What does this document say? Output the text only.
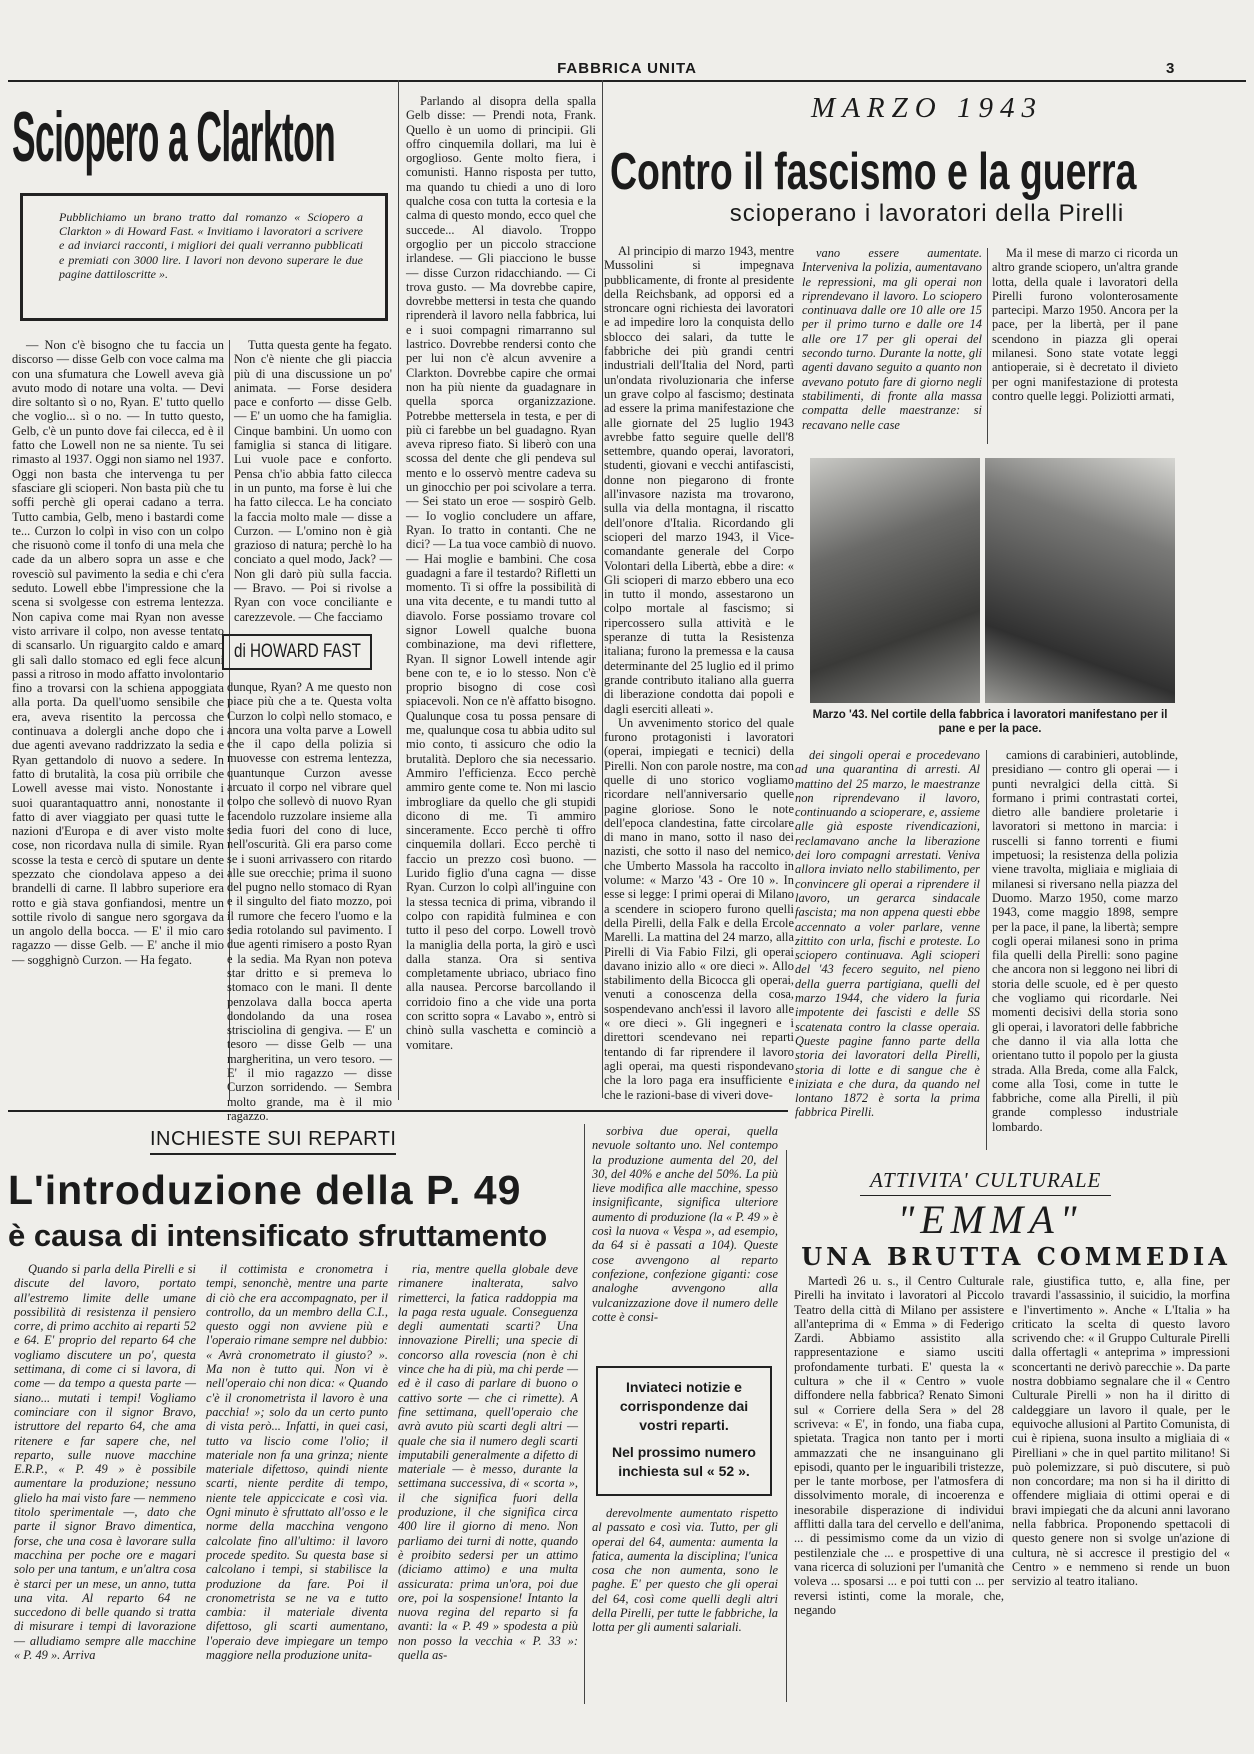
FABBRICA UNITA	3
Sciopero a Clarkton
Pubblichiamo un brano tratto dal romanzo « Sciopero a Clarkton » di Howard Fast. « Invitiamo i lavoratori a scrivere e ad inviarci racconti, i migliori dei quali verranno pubblicati e premiati con 3000 lire. I lavori non devono superare le due pagine dattiloscritte ».

— Non c'è bisogno che tu faccia un discorso — disse Gelb con voce calma ma con una sfumatura che Lowell aveva già avuto modo di notare una volta. — Devi dire soltanto sì o no, Ryan. E' tutto quello che voglio... sì o no. — In tutto questo, Gelb, c'è un punto dove fai cilecca, ed è il fatto che Lowell non ne sa niente. Tu sei rimasto al 1937. Oggi non siamo nel 1937. Oggi non basta che intervenga tu per sfasciare gli scioperi. Non basta più che tu soffi perchè gli operai cadano a terra. Tutto cambia, Gelb, meno i bastardi come te... Curzon lo colpì in viso con un colpo che risuonò come il tonfo di una mela che cade da un albero sopra un asse e che rovesciò sul pavimento la sedia e chi c'era seduto. Lowell ebbe l'impressione che la scena si svolgesse con estrema lentezza. Non capiva come mai Ryan non avesse visto arrivare il colpo, non avesse tentato di scansarlo. Un riguargito caldo e amaro gli salì dallo stomaco ed egli fece alcuni passi a ritroso in modo affatto involontario fino a trovarsi con la schiena appoggiata alla porta. Da quell'uomo sensibile che era, aveva risentito la percossa che continuava a dolergli anche dopo che i due agenti avevano raddrizzato la sedia e Ryan gettandolo di nuovo a sedere. In fatto di brutalità, la cosa più orribile che Lowell avesse mai visto. Nonostante i suoi quarantaquattro anni, nonostante il fatto di aver viaggiato per quasi tutte le nazioni d'Europa e di aver visto molte cose, non ricordava nulla di simile. Ryan scosse la testa e cercò di sputare un dente spezzato che ciondolava appeso a dei brandelli di carne. Il labbro superiore era rotto e già stava gonfiandosi, mentre un sottile rivolo di sangue nero sgorgava da un angolo della bocca. — E' il mio caro ragazzo — disse Gelb. — E' anche il mio — sogghignò Curzon. — Ha fegato.

Tutta questa gente ha fegato. Non c'è niente che gli piaccia più di una discussione un po' animata. — Forse desidera pace e conforto — disse Gelb. — E' un uomo che ha famiglia. Cinque bambini. Un uomo con famiglia si stanca di litigare. Lui vuole pace e conforto. Pensa ch'io abbia fatto cilecca in un punto, ma forse è lui che ha fatto cilecca. Le ha conciato la faccia molto male — disse a Curzon. — L'omino non è già grazioso di natura; perchè lo ha conciato a quel modo, Jack? — Non gli darò più sulla faccia. — Bravo. — Poi si rivolse a Ryan con voce conciliante e carezzevole. — Che facciamo

di HOWARD FAST

dunque, Ryan? A me questo non piace più che a te. Questa volta Curzon lo colpì nello stomaco, e ancora una volta parve a Lowell che il capo della polizia si muovesse con estrema lentezza, quantunque Curzon avesse arcuato il corpo nel vibrare quel colpo che sollevò di nuovo Ryan facendolo ruzzolare insieme alla sedia fuori del cono di luce, nell'oscurità. Gli era parso come se i suoni arrivassero con ritardo alle sue orecchie; prima il suono del pugno nello stomaco di Ryan e il singulto del fiato mozzo, poi il rumore che fecero l'uomo e la sedia rotolando sul pavimento. I due agenti rimisero a posto Ryan e la sedia. Ma Ryan non poteva star dritto e si premeva lo stomaco con le mani. Il dente penzolava dalla bocca aperta dondolando da una rosea strisciolina di gengiva. — E' un tesoro — disse Gelb — una margheritina, un vero tesoro. — E' il mio ragazzo — disse Curzon sorridendo. — Sembra molto grande, ma è il mio ragazzo.

Parlando al disopra della spalla Gelb disse: — Prendi nota, Frank. Quello è un uomo di principii. Gli offro cinquemila dollari, ma lui è orgoglioso. Gente molto fiera, i comunisti. Hanno risposta per tutto, ma quando tu chiedi a uno di loro qualche cosa con tutta la cortesia e la calma di questo mondo, ecco quel che succede... Al diavolo. Troppo orgoglio per un piccolo straccione irlandese. — Gli piacciono le busse — disse Curzon ridacchiando. — Ci trova gusto. — Ma dovrebbe capire, dovrebbe mettersi in testa che quando riprenderà il lavoro nella fabbrica, lui e i suoi compagni rimarranno sul lastrico. Dovrebbe rendersi conto che per lui non c'è alcun avvenire a Clarkton. Dovrebbe capire che ormai non ha più niente da guadagnare in quella sporca organizzazione. Potrebbe mettersela in testa, e per di più ci farebbe un bel guadagno. Ryan aveva ripreso fiato. Si liberò con una scossa del dente che gli pendeva sul mento e lo osservò mentre cadeva su un ginocchio per poi scivolare a terra. — Sei stato un eroe — sospirò Gelb. — Io voglio concludere un affare, Ryan. Io tratto in contanti. Che ne dici? — La tua voce cambiò di nuovo. — Hai moglie e bambini. Che cosa guadagni a fare il testardo? Rifletti un momento. Ti si offre la possibilità di una vita decente, e tu mandi tutto al diavolo. Forse possiamo trovare col signor Lowell qualche buona combinazione, ma devi riflettere, Ryan. Il signor Lowell intende agir bene con te, e io lo stesso. Non c'è proprio bisogno di cose così spiacevoli. Non ce n'è affatto bisogno. Qualunque cosa tu possa pensare di me, qualunque cosa tu abbia udito sul mio conto, ti assicuro che odio la brutalità. Deploro che sia necessario. Ammiro l'efficienza. Ecco perchè ammiro gente come te. Non mi lascio imbrogliare da quello che gli stupidi dicono di me. Ti ammiro sinceramente. Ecco perchè ti offro cinquemila dollari. Ecco perchè ti faccio un prezzo così buono. — Lurido figlio d'una cagna — disse Ryan. Curzon lo colpì all'inguine con la stessa tecnica di prima, vibrando il colpo con rapidità fulminea e con tutto il peso del corpo. Lowell trovò la maniglia della porta, la girò e uscì dalla stanza. Ora si sentiva completamente ubriaco, ubriaco fino alla nausea. Percorse barcollando il corridoio fino a che vide una porta con scritto sopra « Lavabo », entrò si chinò sulla vaschetta e cominciò a vomitare.

MARZO 1943
Contro il fascismo e la guerra
scioperano i lavoratori della Pirelli

Al principio di marzo 1943, mentre Mussolini si impegnava pubblicamente, di fronte al presidente della Reichsbank, ad opporsi ed a stroncare ogni richiesta dei lavoratori e ad impedire loro la conquista dello sblocco dei salari, da tutte le fabbriche dei più grandi centri industriali dell'Italia del Nord, partì un'ondata rivoluzionaria che inferse un grave colpo al fascismo; destinata ad essere la prima manifestazione che alle giornate del 25 luglio 1943 avrebbe fatto seguire quelle dell'8 settembre, quando operai, lavoratori, studenti, giovani e vecchi antifascisti, donne non piegarono di fronte all'invasore nazista ma trovarono, sulla via della montagna, il riscatto dell'onore d'Italia. Ricordando gli scioperi del marzo 1943, il Vice-comandante generale del Corpo Volontari della Libertà, ebbe a dire: « Gli scioperi di marzo ebbero una eco in tutto il mondo, assestarono un colpo mortale al fascismo; si ripercossero sulla attività e le speranze di tutta la Resistenza italiana; furono la premessa e la causa determinante del 25 luglio ed il primo grande contributo italiano alla guerra di liberazione condotta dai popoli e dagli eserciti alleati ».

Un avvenimento storico del quale furono protagonisti i lavoratori (operai, impiegati e tecnici) della Pirelli. Non con parole nostre, ma con quelle di uno storico vogliamo ricordare nell'anniversario quelle pagine gloriose. Sono le note dell'epoca clandestina, fatte circolare di mano in mano, sotto il naso dei nazisti, che sotto il naso del nemico, che Umberto Massola ha raccolto in volume: « Marzo '43 - Ore 10 ». In esse si legge: I primi operai di Milano a scendere in sciopero furono quelli della Pirelli, della Falk e della Ercole Marelli. La mattina del 24 marzo, alla Pirelli di Via Fabio Filzi, gli operai davano inizio allo « ore dieci ». Allo stabilimento della Bicocca gli operai, venuti a conoscenza della cosa, sospendevano anch'essi il lavoro alle « ore dieci ». Gli ingegneri e i direttori scendevano nei reparti tentando di far riprendere il lavoro agli operai, ma questi rispondevano che la loro paga era insufficiente e che le razioni-base di viveri dove-

vano essere aumentate. Interveniva la polizia, aumentavano le repressioni, ma gli operai non riprendevano il lavoro. Lo sciopero continuava dalle ore 10 alle ore 15 per il primo turno e dalle ore 14 alle ore 17 per gli operai del secondo turno. Durante la notte, gli agenti davano seguito a quanto non avevano potuto fare di giorno negli stabilimenti, di fronte alla massa compatta delle maestranze: si recavano nelle case

Ma il mese di marzo ci ricorda un altro grande sciopero, un'altra grande lotta, della quale i lavoratori della Pirelli furono volonterosamente partecipi. Marzo 1950. Ancora per la pace, per la libertà, per il pane scendono in piazza gli operai milanesi. Sono state votate leggi antioperaie, si è decretato il divieto per ogni manifestazione di protesta contro quelle leggi. Poliziotti armati,

Marzo '43. Nel cortile della fabbrica i lavoratori manifestano per il pane e per la pace.

dei singoli operai e procedevano ad una quarantina di arresti. Al mattino del 25 marzo, le maestranze non riprendevano il lavoro, continuando a scioperare, e, assieme alle già esposte rivendicazioni, reclamavano anche la liberazione dei loro compagni arrestati. Veniva allora inviato nello stabilimento, per convincere gli operai a riprendere il lavoro, un gerarca sindacale fascista; ma non appena questi ebbe accennato a voler parlare, venne zittito con urla, fischi e proteste. Lo sciopero continuava. Agli scioperi del '43 fecero seguito, nel pieno della guerra partigiana, quelli del marzo 1944, che videro la furia impotente dei fascisti e delle SS scatenata contro la classe operaia. Queste pagine fanno parte della storia dei lavoratori della Pirelli, storia di lotte e di sangue che è iniziata e che dura, da quando nel lontano 1872 è sorta la prima fabbrica Pirelli.

camions di carabinieri, autoblinde, presidiano — contro gli operai — i punti nevralgici della città. Si formano i primi contrastati cortei, dietro alle bandiere proletarie i lavoratori si mettono in marcia: i ruscelli si fanno torrenti e fiumi impetuosi; la resistenza della polizia viene travolta, migliaia e migliaia di milanesi si riversano nella piazza del Duomo. Marzo 1950, come marzo 1943, come maggio 1898, sempre per la pace, il pane, la libertà; sempre cogli operai milanesi sono in prima fila quelli della Pirelli: sono pagine che ancora non si leggono nei libri di storia delle scuole, ed è per questo che vogliamo qui ricordarle. Nei momenti decisivi della storia sono gli operai, i lavoratori delle fabbriche che danno il via alla lotta che orientano tutto il popolo per la giusta strada. Alla Breda, come alla Falck, come alla Tosi, come in tutte le fabbriche, come alla Pirelli, il più grande complesso industriale lombardo.

INCHIESTE SUI REPARTI
L'introduzione della P. 49
è causa di intensificato sfruttamento

Quando si parla della Pirelli e si discute del lavoro, portato all'estremo limite delle umane possibilità di resistenza il pensiero corre, di primo acchito ai reparti 52 e 64. E' proprio del reparto 64 che vogliamo discutere un po', questa settimana, di come ci si lavora, di come — da tempo a questa parte — siano... mutati i tempi! Vogliamo cominciare con il signor Bravo, istruttore del reparto 64, che ama ritenere e far sapere che, nel reparto, sulle nuove macchine E.R.P., « P. 49 » è possibile aumentare la produzione; nessuno glielo ha mai visto fare — nemmeno titolo sperimentale —, dato che parte il signor Bravo dimentica, forse, che una cosa è lavorare sulla macchina per poche ore e magari solo per una tantum, e un'altra cosa è starci per un mese, un anno, tutta una vita. Al reparto 64 ne succedono di belle quando si tratta di misurare i tempi di lavorazione — alludiamo sempre alle macchine « P. 49 ». Arriva

il cottimista e cronometra i tempi, senonchè, mentre una parte di ciò che era accompagnato, per il controllo, da un membro della C.I., questo oggi non avviene più e l'operaio rimane sempre nel dubbio: « Avrà cronometrato il giusto? ». Ma non è tutto qui. Non vi è nell'operaio chi non dica: « Quando c'è il cronometrista il lavoro è una pacchia! »; solo da un certo punto di vista però... Infatti, in quei casi, tutto va liscio come l'olio; il materiale non fa una grinza; niente materiale difettoso, quindi niente scarti, niente perdite di tempo, niente tele appiccicate e così via. Ogni minuto è sfruttato all'osso e le norme della macchina vengono calcolate fino all'ultimo: il lavoro procede spedito. Su questa base si calcolano i tempi, si stabilisce la produzione da fare. Poi il cronometrista se ne va e tutto cambia: il materiale diventa difettoso, gli scarti aumentano, l'operaio deve impiegare un tempo maggiore nella produzione unita-

ria, mentre quella globale deve rimanere inalterata, salvo rimetterci, la fatica raddoppia ma la paga resta uguale. Conseguenza degli aumentati scarti? Una innovazione Pirelli; una specie di concorso alla rovescia (non è chi vince che ha di più, ma chi perde — ed è il caso di parlare di buono o cattivo sorte — che ci rimette). A fine settimana, quell'operaio che avrà avuto più scarti degli altri — quale che sia il numero degli scarti imputabili generalmente a difetto di materiale — è messo, durante la settimana successiva, di « scorta », il che significa fuori della produzione, il che significa circa 400 lire il giorno di meno. Non parliamo dei turni di notte, quando è proibito sedersi per un attimo (diciamo attimo) e una multa assicurata: prima un'ora, poi due ore, poi la sospensione! Intanto la nuova regina del reparto si fa avanti: la « P. 49 » spodesta a più non posso la vecchia « P. 33 »: quella as-

sorbiva due operai, quella nevuole soltanto uno. Nel contempo la produzione aumenta del 20, del 30, del 40% e anche del 50%. La più lieve modifica alle macchine, spesso insignificante, significa ulteriore aumento di produzione (la « P. 49 » è così la nuova « Vespa », ad esempio, da 64 si è passati a 104). Queste cose avvengono al reparto confezione, confezione giganti: cose analoghe avvengono alla vulcanizzazione dove il numero delle cotte è consi-

Inviateci notizie e corrispondenze dai vostri reparti.
Nel prossimo numero inchiesta sul « 52 ».

derevolmente aumentato rispetto al passato e così via. Tutto, per gli operai del 64, aumenta: aumenta la fatica, aumenta la disciplina; l'unica cosa che non aumenta, sono le paghe. E' per questo che gli operai del 64, così come quelli degli altri della Pirelli, per tutte le fabbriche, la lotta per gli aumenti salariali.

ATTIVITA' CULTURALE
"EMMA"
UNA BRUTTA COMMEDIA

Martedì 26 u. s., il Centro Culturale Pirelli ha invitato i lavoratori al Piccolo Teatro della città di Milano per assistere all'anteprima di « Emma » di Federigo Zardi. Abbiamo assistito alla rappresentazione e siamo usciti profondamente turbati. E' questa la « cultura » che il « Centro » vuole diffondere nella fabbrica? Renato Simoni sul « Corriere della Sera » del 28 scriveva: « E', in fondo, una fiaba cupa, spietata. Tragica non tanto per i morti ammazzati che ne insanguinano gli episodi, quanto per le inguaribili tristezze, per le tante morbose, per l'atmosfera di dissolvimento morale, di incoerenza e inesorabile disperazione di individui afflitti dalla tara del cervello e dell'anima, ... di pessimismo come da un vizio di pestilenziale che ... e prospettive di una vana ricerca di soluzioni per l'umanità che voleva ... sposarsi ... e poi tutti con ... per reversi istinti, come la morale, che, negando

rale, giustifica tutto, e, alla fine, per travardi l'assassinio, il suicidio, la morfina e l'invertimento ». Anche « L'Italia » ha criticato la scelta di questo lavoro scrivendo che: « il Gruppo Culturale Pirelli dalla offertagli « anteprima » impressioni sconcertanti ne derivò parecchie ». Da parte nostra dobbiamo segnalare che il « Centro Culturale Pirelli » non ha il diritto di caldeggiare un lavoro il quale, per le equivoche allusioni al Partito Comunista, di cui è ripiena, suona insulto a migliaia di « Pirelliani » che in quel partito militano! Si può polemizzare, si può discutere, si può non concordare; ma non si ha il diritto di offendere migliaia di ottimi operai e di bravi impiegati che da alcuni anni lavorano nella fabbrica. Proponendo spettacoli di questo genere non si svolge un'azione di cultura, nè si accresce il prestigio del « Centro » e nemmeno si rende un buon servizio al teatro italiano.
